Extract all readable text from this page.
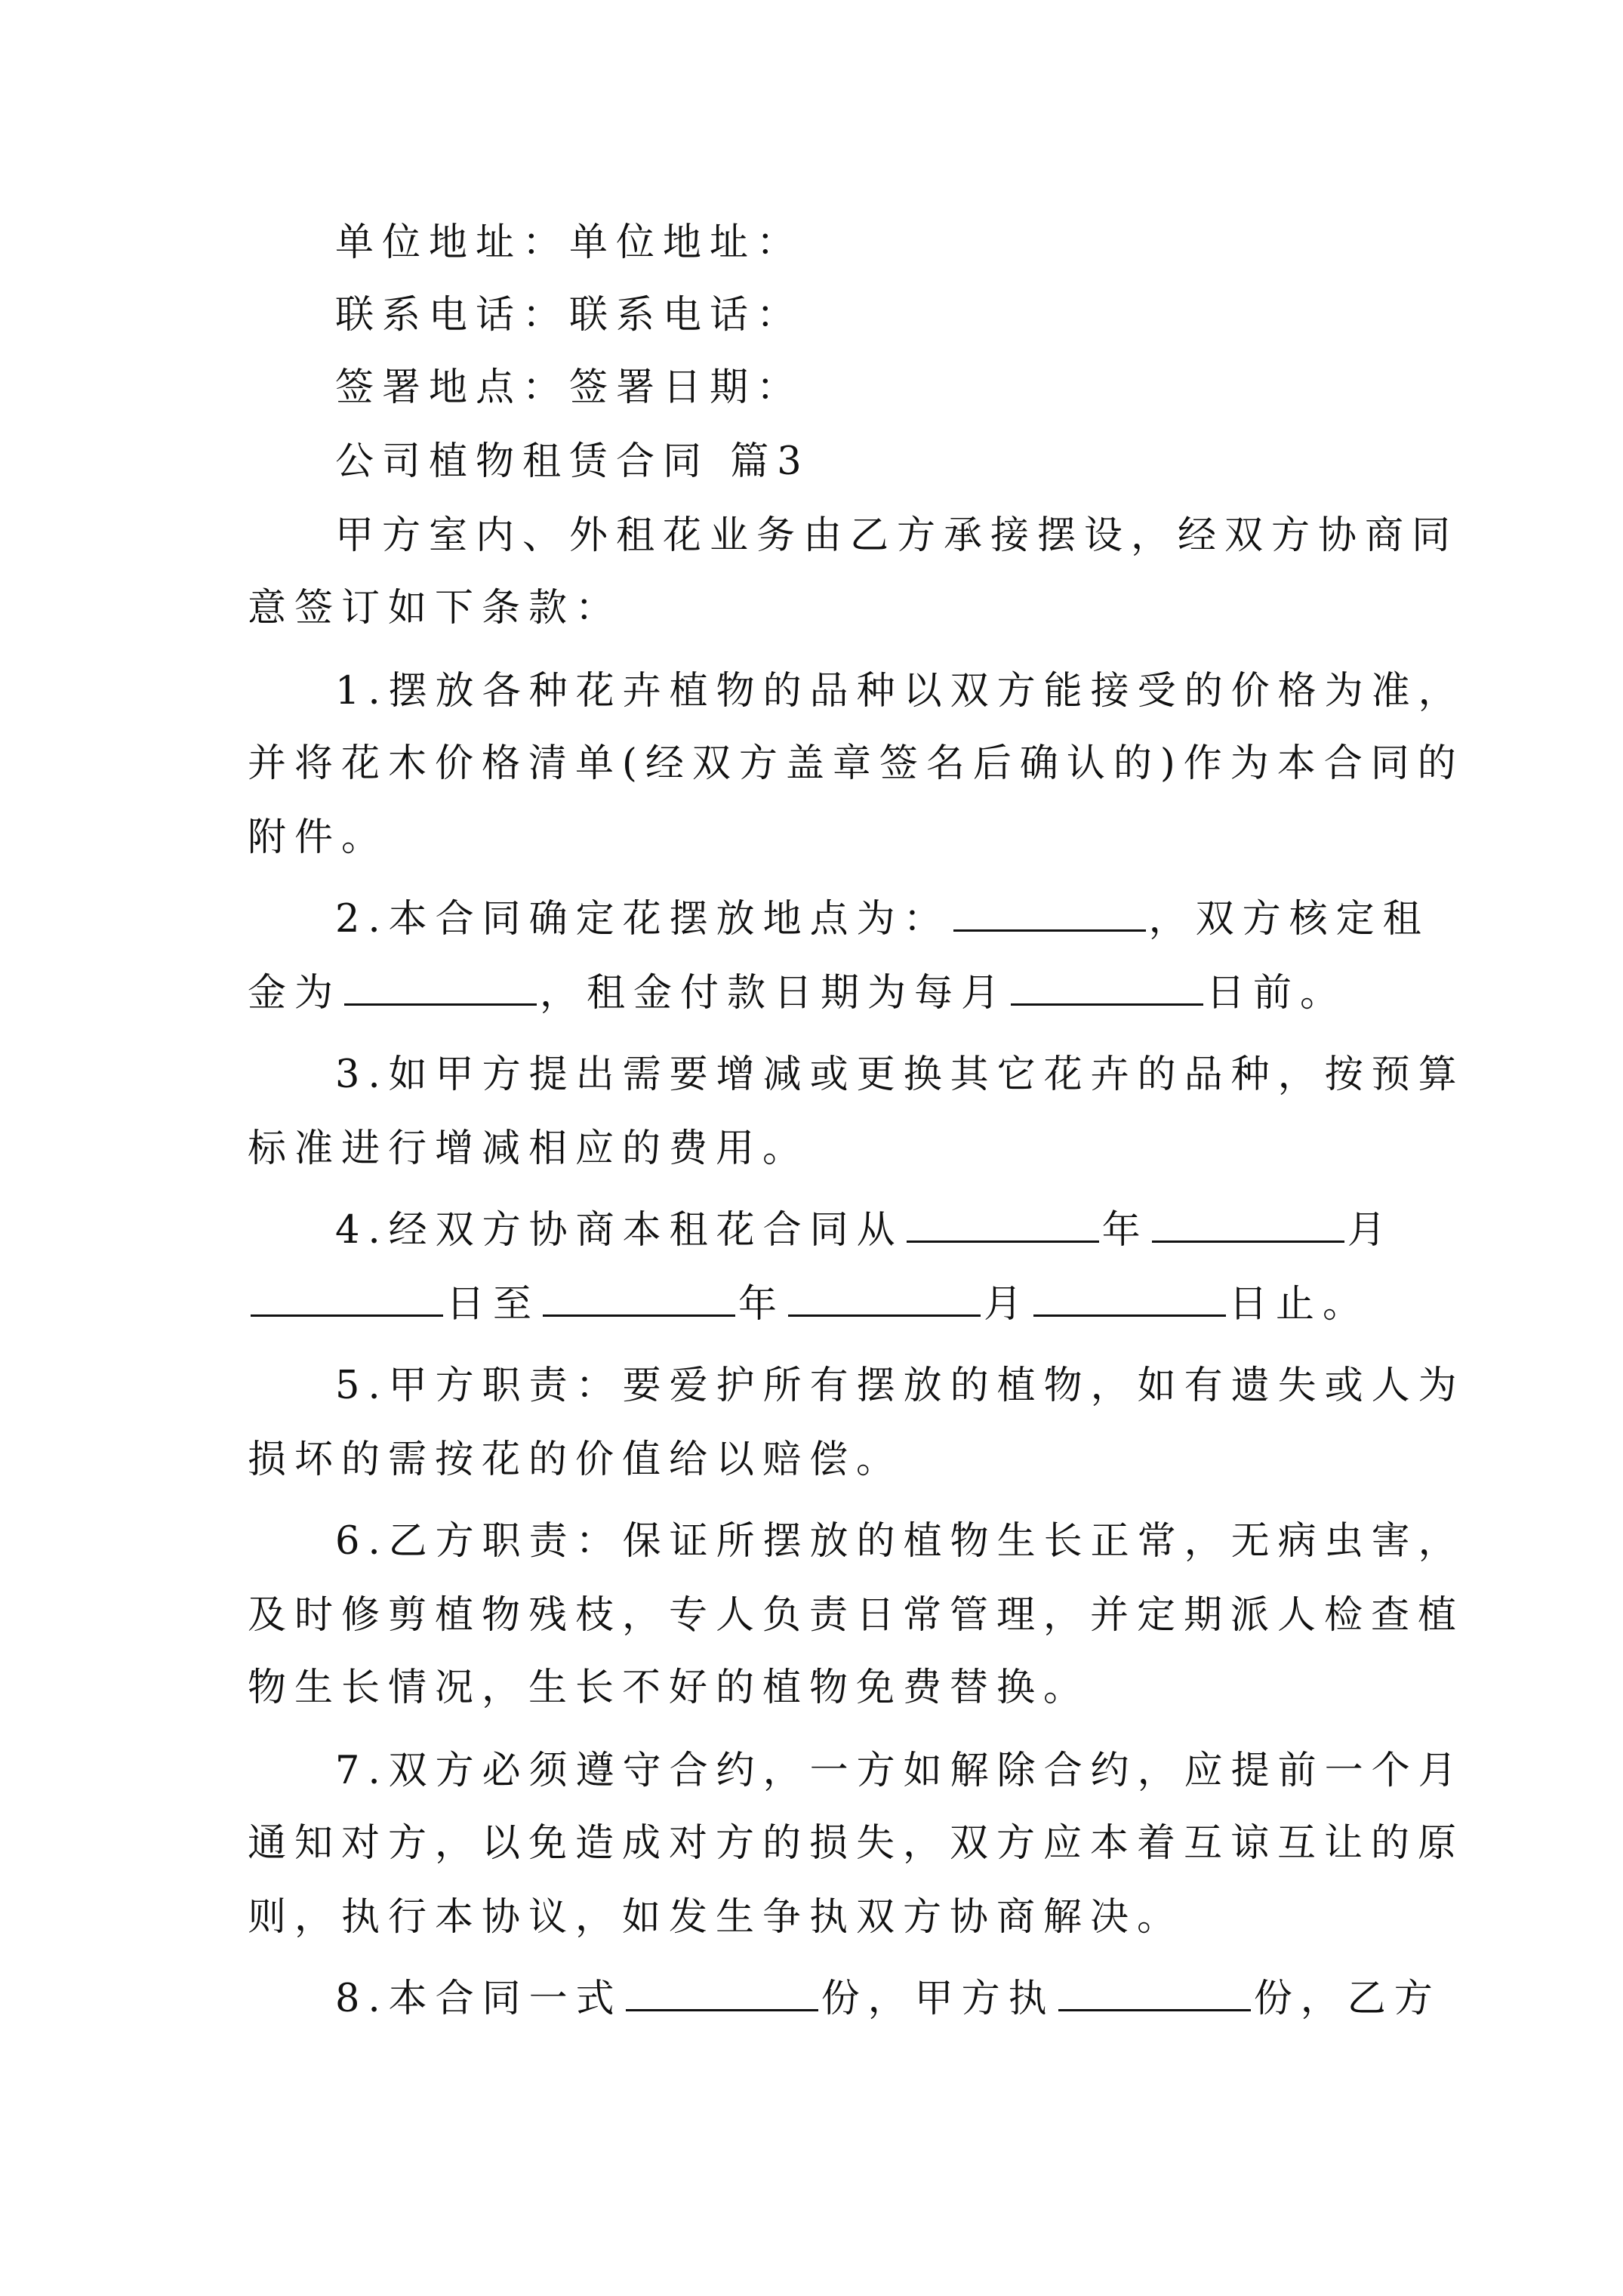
单位地址：单位地址：
联系电话：联系电话：
签署地点：签署日期：
公司植物租赁合同 篇3
甲方室内、外租花业务由乙方承接摆设，经双方协商同
意签订如下条款：
1.摆放各种花卉植物的品种以双方能接受的价格为准，
并将花木价格清单(经双方盖章签名后确认的)作为本合同的
附件。
2.本合同确定花摆放地点为：	，双方核定租
金为	，租金付款日期为每月	日前。
3.如甲方提出需要增减或更换其它花卉的品种，按预算
标准进行增减相应的费用。
4.经双方协商本租花合同从	年	月
日至	年	月	日止。
5.甲方职责：要爱护所有摆放的植物，如有遗失或人为
损坏的需按花的价值给以赔偿。
6.乙方职责：保证所摆放的植物生长正常，无病虫害，
及时修剪植物残枝，专人负责日常管理，并定期派人检查植
物生长情况，生长不好的植物免费替换。
7.双方必须遵守合约，一方如解除合约，应提前一个月
通知对方，以免造成对方的损失，双方应本着互谅互让的原
则，执行本协议，如发生争执双方协商解决。
8.本合同一式	份，甲方执	份，乙方
